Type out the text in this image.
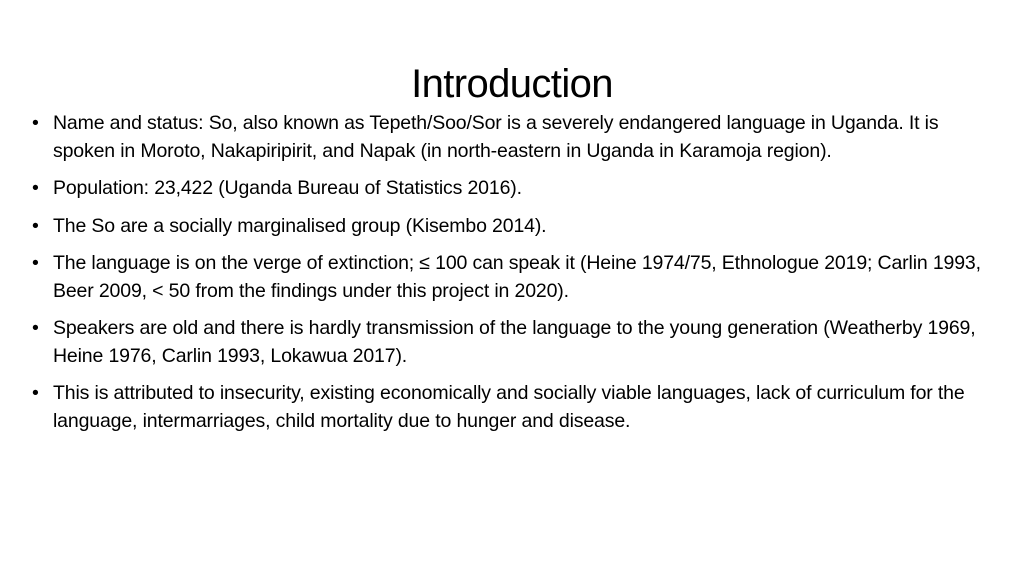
Introduction
• Name and status: So, also known as Tepeth/Soo/Sor is a severely endangered language in Uganda. It is spoken in Moroto, Nakapiripirit, and Napak (in north-eastern in Uganda in Karamoja region).
• Population: 23,422 (Uganda Bureau of Statistics 2016).
• The So are a socially marginalised group (Kisembo 2014).
• The language is on the verge of extinction; ≤ 100 can speak it (Heine 1974/75, Ethnologue 2019; Carlin 1993, Beer 2009, < 50 from the findings under this project in 2020).
• Speakers are old and there is hardly transmission of the language to the young generation (Weatherby 1969, Heine 1976, Carlin 1993, Lokawua 2017).
• This is attributed to insecurity, existing economically and socially viable languages, lack of curriculum for the language, intermarriages, child mortality due to hunger and disease.
